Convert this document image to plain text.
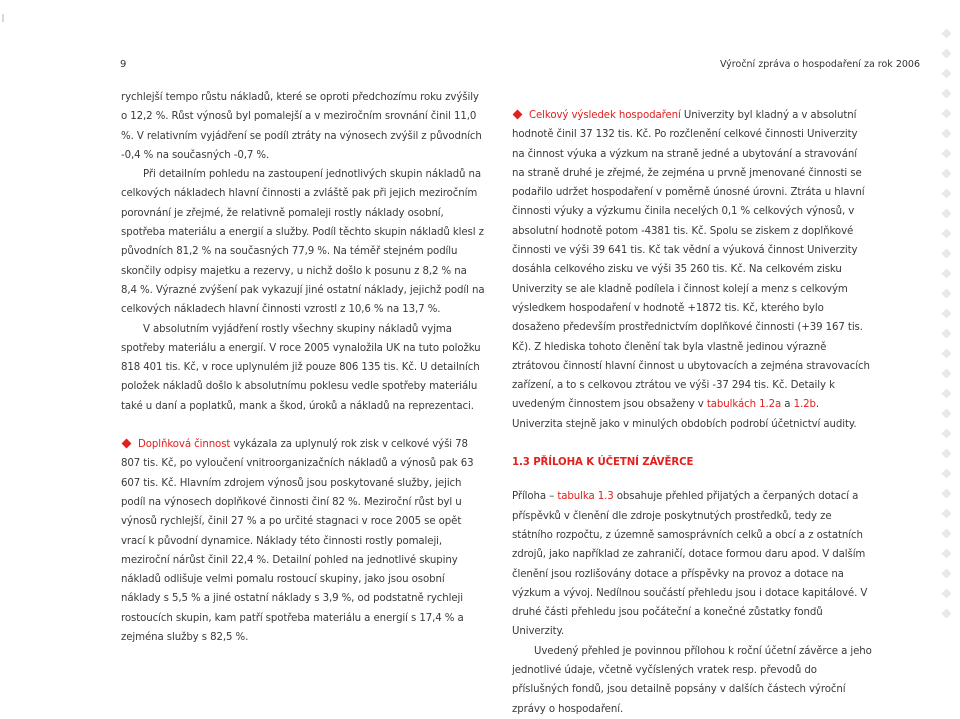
9	Výroční zpráva o hospodaření za rok 2006

rychlejší tempo růstu nákladů, které se oproti předchozímu roku zvýšily o 12,2 %. Růst výnosů byl pomalejší a v meziročním srovnání činil 11,0 %. V relativním vyjádření se podíl ztráty na výnosech zvýšil z původních -0,4 % na současných -0,7 %.

Při detailním pohledu na zastoupení jednotlivých skupin nákladů na celkových nákladech hlavní činnosti a zvláště pak při jejich meziročním porovnání je zřejmé, že relativně pomaleji rostly náklady osobní, spotřeba materiálu a energií a služby. Podíl těchto skupin nákladů klesl z původních 81,2 % na současných 77,9 %. Na téměř stejném podílu skončily odpisy majetku a rezervy, u nichž došlo k posunu z 8,2 % na 8,4 %. Výrazné zvýšení pak vykazují jiné ostatní náklady, jejichž podíl na celkových nákladech hlavní činnosti vzrostl z 10,6 % na 13,7 %.

V absolutním vyjádření rostly všechny skupiny nákladů vyjma spotřeby materiálu a energií. V roce 2005 vynaložila UK na tuto položku 818 401 tis. Kč, v roce uplynulém již pouze 806 135 tis. Kč. U detailních položek nákladů došlo k absolutnímu poklesu vedle spotřeby materiálu také u daní a poplatků, mank a škod, úroků a nákladů na reprezentaci.

Doplňková činnost vykázala za uplynulý rok zisk v celkové výši 78 807 tis. Kč, po vyloučení vnitroorganizačních nákladů a výnosů pak 63 607 tis. Kč. Hlavním zdrojem výnosů jsou poskytované služby, jejich podíl na výnosech doplňkové činnosti činí 82 %. Meziroční růst byl u výnosů rychlejší, činil 27 % a po určité stagnaci v roce 2005 se opět vrací k původní dynamice. Náklady této činnosti rostly pomaleji, meziroční nárůst činil 22,4 %. Detailní pohled na jednotlivé skupiny nákladů odlišuje velmi pomalu rostoucí skupiny, jako jsou osobní náklady s 5,5 % a jiné ostatní náklady s 3,9 %, od podstatně rychleji rostoucích skupin, kam patří spotřeba materiálu a energií s 17,4 % a zejména služby s 82,5 %.

Celkový výsledek hospodaření Univerzity byl kladný a v absolutní hodnotě činil 37 132 tis. Kč. Po rozčlenění celkové činnosti Univerzity na činnost výuka a výzkum na straně jedné a ubytování a stravování na straně druhé je zřejmé, že zejména u prvně jmenované činnosti se podařilo udržet hospodaření v poměrně únosné úrovni. Ztráta u hlavní činnosti výuky a výzkumu činila necelých 0,1 % celkových výnosů, v absolutní hodnotě potom -4381 tis. Kč. Spolu se ziskem z doplňkové činnosti ve výši 39 641 tis. Kč tak vědní a výuková činnost Univerzity dosáhla celkového zisku ve výši 35 260 tis. Kč. Na celkovém zisku Univerzity se ale kladně podílela i činnost kolejí a menz s celkovým výsledkem hospodaření v hodnotě +1872 tis. Kč, kterého bylo dosaženo především prostřednictvím doplňkové činnosti (+39 167 tis. Kč). Z hlediska tohoto členění tak byla vlastně jedinou výrazně ztrátovou činností hlavní činnost u ubytovacích a zejména stravovacích zařízení, a to s celkovou ztrátou ve výši -37 294 tis. Kč. Detaily k uvedeným činnostem jsou obsaženy v tabulkách 1.2a a 1.2b. Univerzita stejně jako v minulých obdobích podrobí účetnictví audity.

1.3 PŘÍLOHA K ÚČETNÍ ZÁVĚRCE

Příloha – tabulka 1.3 obsahuje přehled přijatých a čerpaných dotací a příspěvků v členění dle zdroje poskytnutých prostředků, tedy ze státního rozpočtu, z územně samosprávních celků a obcí a z ostatních zdrojů, jako například ze zahraničí, dotace formou daru apod. V dalším členění jsou rozlišovány dotace a příspěvky na provoz a dotace na výzkum a vývoj. Nedílnou součástí přehledu jsou i dotace kapitálové. V druhé části přehledu jsou počáteční a konečné zůstatky fondů Univerzity.

Uvedený přehled je povinnou přílohou k roční účetní závěrce a jeho jednotlivé údaje, včetně vyčíslených vratek resp. převodů do příslušných fondů, jsou detailně popsány v dalších částech výroční zprávy o hospodaření.
